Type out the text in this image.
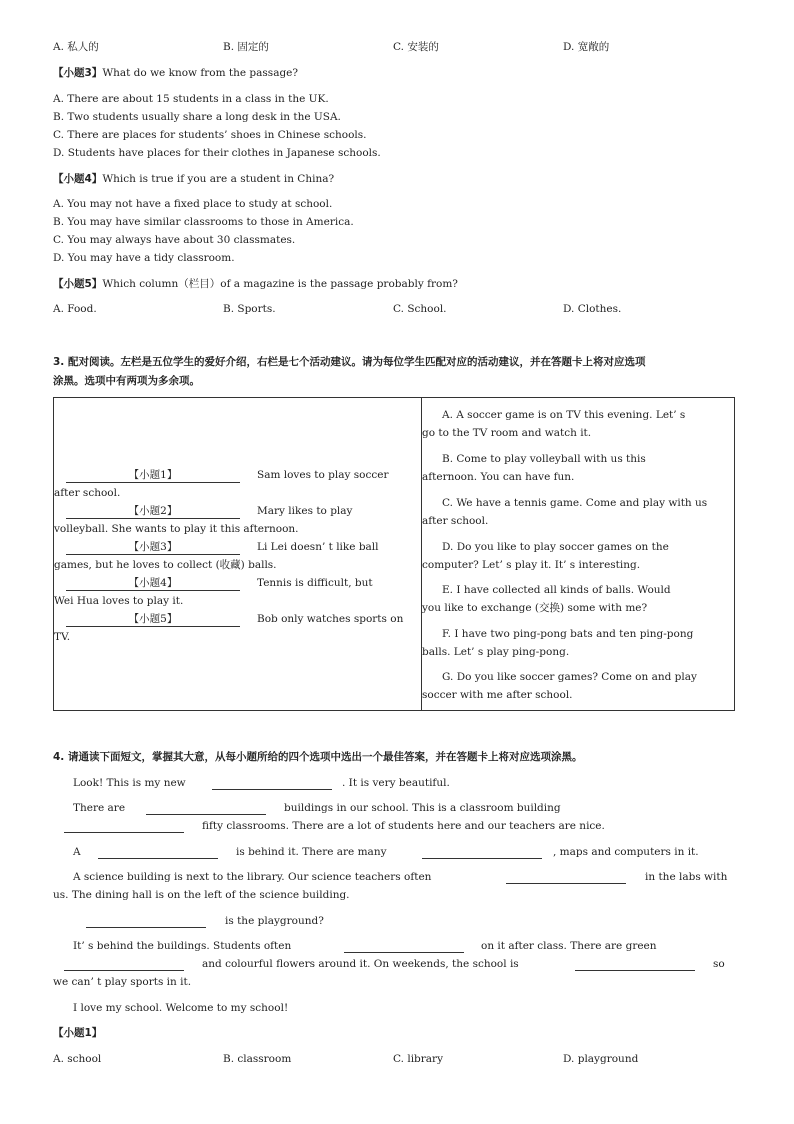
A. 私人的	B. 固定的	C. 安装的	D. 宽敞的
【小题3】What do we know from the passage?
A. There are about 15 students in a class in the UK.
B. Two students usually share a long desk in the USA.
C. There are places for students’ shoes in Chinese schools.
D. Students have places for their clothes in Japanese schools.
【小题4】Which is true if you are a student in China?
A. You may not have a fixed place to study at school.
B. You may have similar classrooms to those in America.
C. You may always have about 30 classmates.
D. You may have a tidy classroom.
【小题5】Which column（栏目）of a magazine is the passage probably from?
A. Food.	B. Sports.	C. School.	D. Clothes.
3. 配对阅读。左栏是五位学生的爱好介绍，右栏是七个活动建议。请为每位学生匹配对应的活动建议，并在答题卡上将对应选项
涂黑。选项中有两项为多余项。
【小题1】	Sam loves to play soccer
after school.
【小题2】	Mary likes to play
volleyball. She wants to play it this afternoon.
【小题3】	Li Lei doesn’ t like ball
games, but he loves to collect (收藏) balls.
【小题4】	Tennis is difficult, but
Wei Hua loves to play it.
【小题5】	Bob only watches sports on
TV.

A. A soccer game is on TV this evening. Let’ s
go to the TV room and watch it.
B. Come to play volleyball with us this
afternoon. You can have fun.
C. We have a tennis game. Come and play with us
after school.
D. Do you like to play soccer games on the
computer? Let’ s play it. It’ s interesting.
E. I have collected all kinds of balls. Would
you like to exchange (交换) some with me?
F. I have two ping-pong bats and ten ping-pong
balls. Let’ s play ping-pong.
G. Do you like soccer games? Come on and play
soccer with me after school.
4. 请通读下面短文，掌握其大意，从每小题所给的四个选项中选出一个最佳答案，并在答题卡上将对应选项涂黑。
Look! This is my new	. It is very beautiful.
There are	buildings in our school. This is a classroom building
fifty classrooms. There are a lot of students here and our teachers are nice.
A	is behind it. There are many	, maps and computers in it.
A science building is next to the library. Our science teachers often	in the labs with
us. The dining hall is on the left of the science building.
is the playground?
It’ s behind the buildings. Students often	on it after class. There are green
and colourful flowers around it. On weekends, the school is	so
we can’ t play sports in it.
I love my school. Welcome to my school!
【小题1】
A. school	B. classroom	C. library	D. playground
